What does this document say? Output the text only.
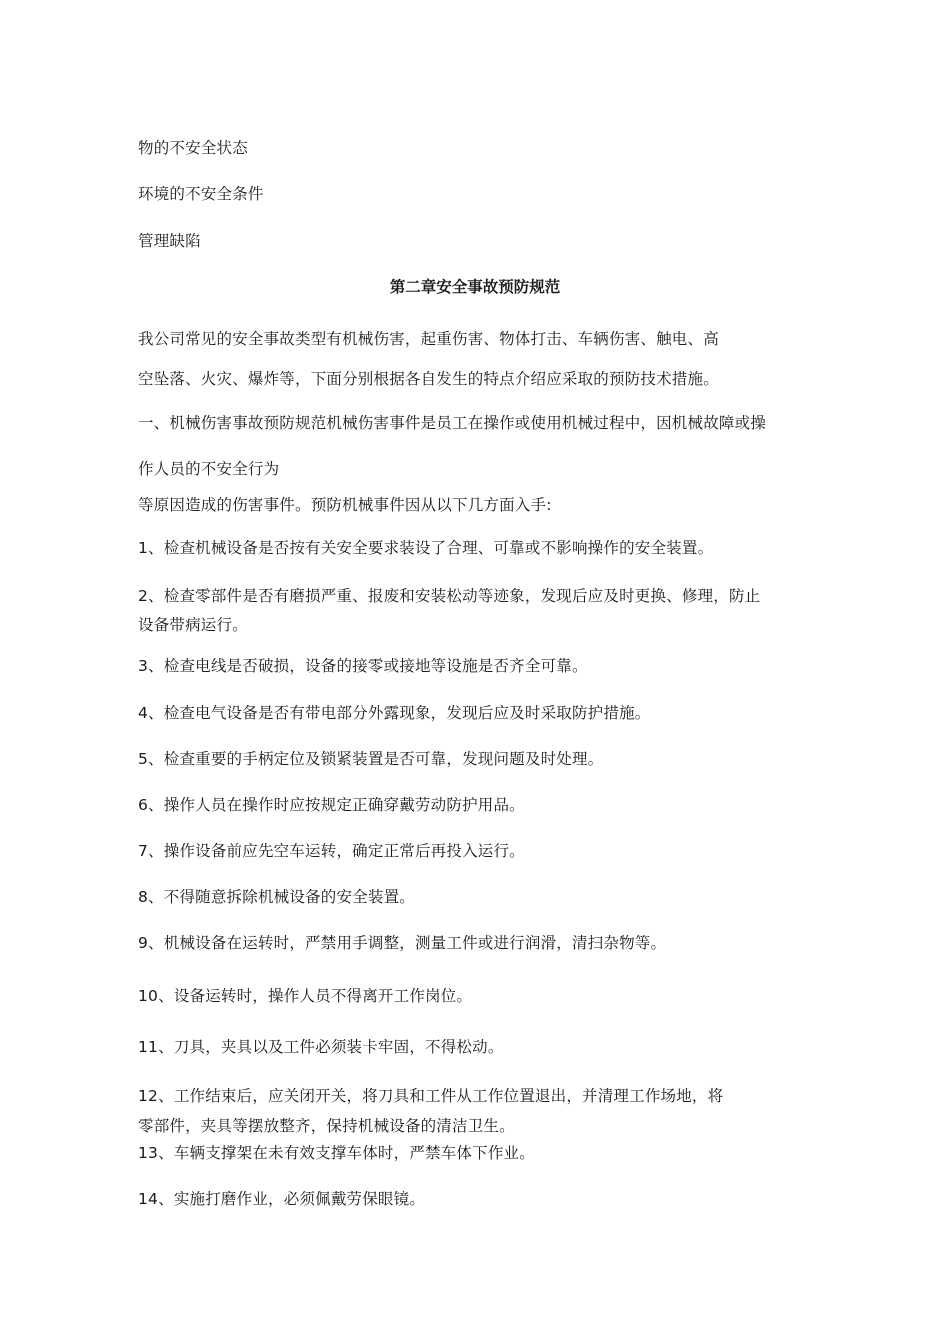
物的不安全状态
环境的不安全条件
管理缺陷
第二章安全事故预防规范
我公司常见的安全事故类型有机械伤害，起重伤害、物体打击、车辆伤害、触电、高
空坠落、火灾、爆炸等，下面分别根据各自发生的特点介绍应采取的预防技术措施。
一、机械伤害事故预防规范机械伤害事件是员工在操作或使用机械过程中，因机械故障或操
作人员的不安全行为
等原因造成的伤害事件。预防机械事件因从以下几方面入手:
1、检查机械设备是否按有关安全要求装设了合理、可靠或不影响操作的安全装置。
2、检查零部件是否有磨损严重、报废和安装松动等迹象，发现后应及时更换、修理，防止
设备带病运行。
3、检查电线是否破损，设备的接零或接地等设施是否齐全可靠。
4、检查电气设备是否有带电部分外露现象，发现后应及时采取防护措施。
5、检查重要的手柄定位及锁紧装置是否可靠，发现问题及时处理。
6、操作人员在操作时应按规定正确穿戴劳动防护用品。
7、操作设备前应先空车运转，确定正常后再投入运行。
8、不得随意拆除机械设备的安全装置。
9、机械设备在运转时，严禁用手调整，测量工件或进行润滑，清扫杂物等。
10、设备运转时，操作人员不得离开工作岗位。
11、刀具，夹具以及工件必须装卡牢固，不得松动。
12、工作结束后，应关闭开关，将刀具和工件从工作位置退出，并清理工作场地，将
零部件，夹具等摆放整齐，保持机械设备的清洁卫生。
13、车辆支撑架在未有效支撑车体时，严禁车体下作业。
14、实施打磨作业，必须佩戴劳保眼镜。
